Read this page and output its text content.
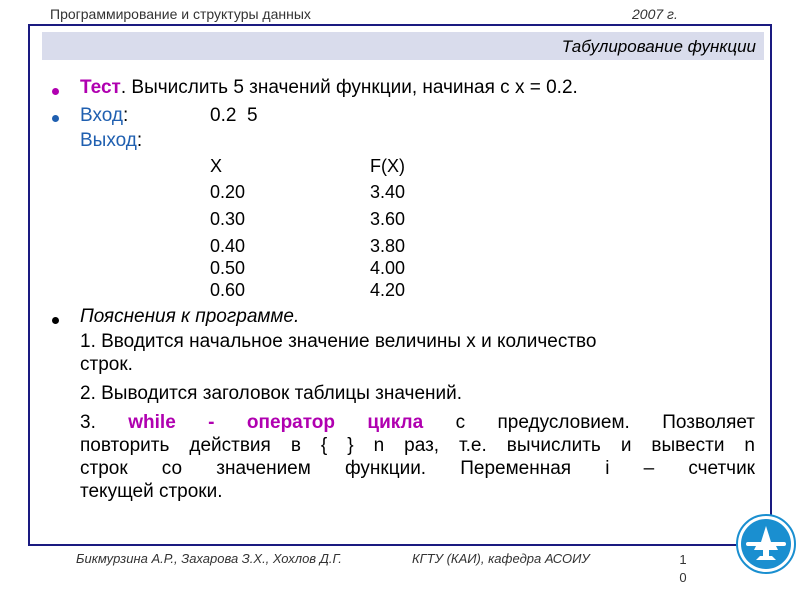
Программирование и структуры данных	2007 г.
Табулирование функции
Тест. Вычислить 5 значений функции, начиная с x = 0.2.
Вход:	0.2  5
Выход:
X	F(X)
0.20	3.40
0.30	3.60
0.40	3.80
0.50	4.00
0.60	4.20
Пояснения к программе.
1. Вводится начальное значение величины x и количество
строк.
2. Выводится заголовок таблицы значений.
3. while - оператор цикла с предусловием. Позволяет
повторить действия в { } n раз, т.е. вычислить и вывести n
строк со значением функции. Переменная i – счетчик
текущей строки.
Бикмурзина А.Р., Захарова З.Х., Хохлов Д.Г.	КГТУ (КАИ), кафедра АСОИУ	1
0
